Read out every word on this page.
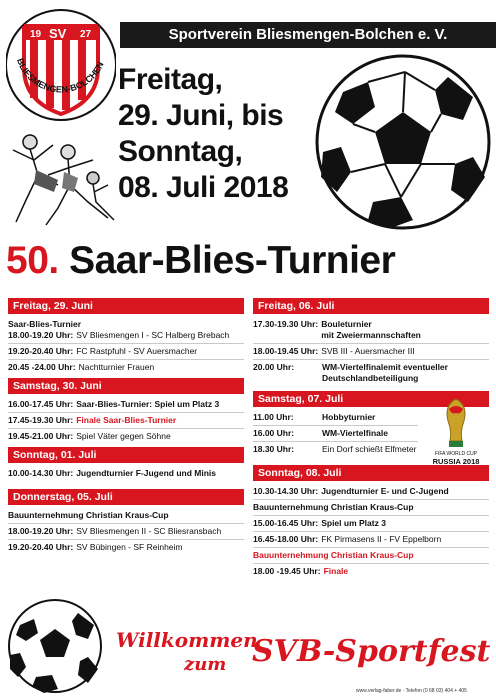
19 SV 27
BLIESMENGEN-BOLCHEN
Sportverein Bliesmengen-Bolchen e. V.
Freitag,
29. Juni, bis
Sonntag,
08. Juli 2018
50. Saar-Blies-Turnier
Freitag, 29. Juni
Saar-Blies-Turnier
18.00-19.20 Uhr: SV Bliesmengen I - SC Halberg Brebach
19.20-20.40 Uhr: FC Rastpfuhl - SV Auersmacher
20.45 -24.00 Uhr: Nachtturnier Frauen
Samstag, 30. Juni
16.00-17.45 Uhr: Saar-Blies-Turnier: Spiel um Platz 3
17.45-19.30 Uhr: Finale Saar-Blies-Turnier
19.45-21.00 Uhr: Spiel Väter gegen Söhne
Sonntag, 01. Juli
10.00-14.30 Uhr: Jugendturnier F-Jugend und Minis
Donnerstag, 05. Juli
Bauunternehmung Christian Kraus-Cup
18.00-19.20 Uhr: SV Bliesmengen II - SC Bliesransbach
19.20-20.40 Uhr: SV Bübingen - SF Reinheim
Freitag, 06. Juli
17.30-19.30 Uhr: Bouleturnier
mit Zweiermannschaften
18.00-19.45 Uhr: SVB III - Auersmacher III
20.00 Uhr:	WM-Viertelfinalemit eventueller
Deutschlandbeteiligung
Samstag, 07. Juli
11.00 Uhr:	Hobbyturnier
16.00 Uhr:	WM-Viertelfinale
18.30 Uhr:	Ein Dorf schießt Elfmeter
Sonntag, 08. Juli
10.30-14.30 Uhr: Jugendturnier E- und C-Jugend
Bauunternehmung Christian Kraus-Cup
15.00-16.45 Uhr: Spiel um Platz 3
16.45-18.00 Uhr: FK Pirmasens II - FV Eppelborn
Bauunternehmung Christian Kraus-Cup
18.00 -19.45 Uhr: Finale
FIFA WORLD CUP
RUSSIA 2018
Willkommen
zum SVB-Sportfest
www.verlag-faber.de · Telefon (0 68 03) 404 + 405
